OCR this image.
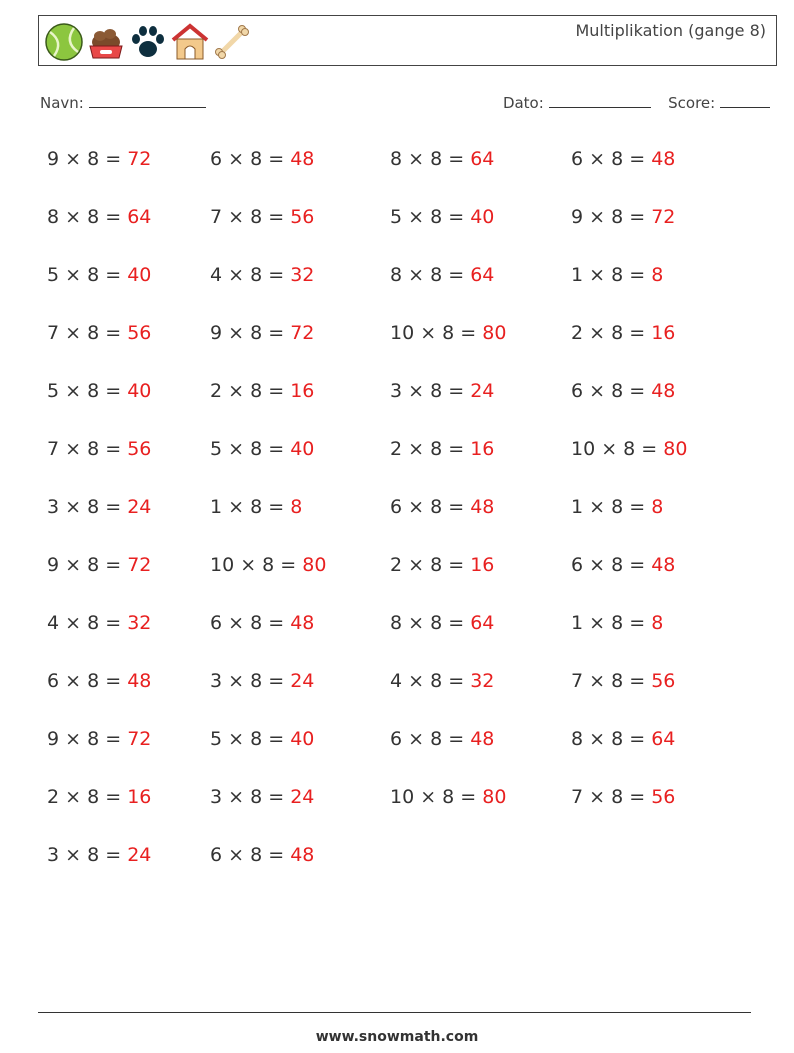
Multiplikation (gange 8)
Navn:	Dato:	Score:
9 × 8 = 72	6 × 8 = 48	8 × 8 = 64	6 × 8 = 48
8 × 8 = 64	7 × 8 = 56	5 × 8 = 40	9 × 8 = 72
5 × 8 = 40	4 × 8 = 32	8 × 8 = 64	1 × 8 = 8
7 × 8 = 56	9 × 8 = 72	10 × 8 = 80	2 × 8 = 16
5 × 8 = 40	2 × 8 = 16	3 × 8 = 24	6 × 8 = 48
7 × 8 = 56	5 × 8 = 40	2 × 8 = 16	10 × 8 = 80
3 × 8 = 24	1 × 8 = 8	6 × 8 = 48	1 × 8 = 8
9 × 8 = 72	10 × 8 = 80	2 × 8 = 16	6 × 8 = 48
4 × 8 = 32	6 × 8 = 48	8 × 8 = 64	1 × 8 = 8
6 × 8 = 48	3 × 8 = 24	4 × 8 = 32	7 × 8 = 56
9 × 8 = 72	5 × 8 = 40	6 × 8 = 48	8 × 8 = 64
2 × 8 = 16	3 × 8 = 24	10 × 8 = 80	7 × 8 = 56
3 × 8 = 24	6 × 8 = 48
www.snowmath.com
